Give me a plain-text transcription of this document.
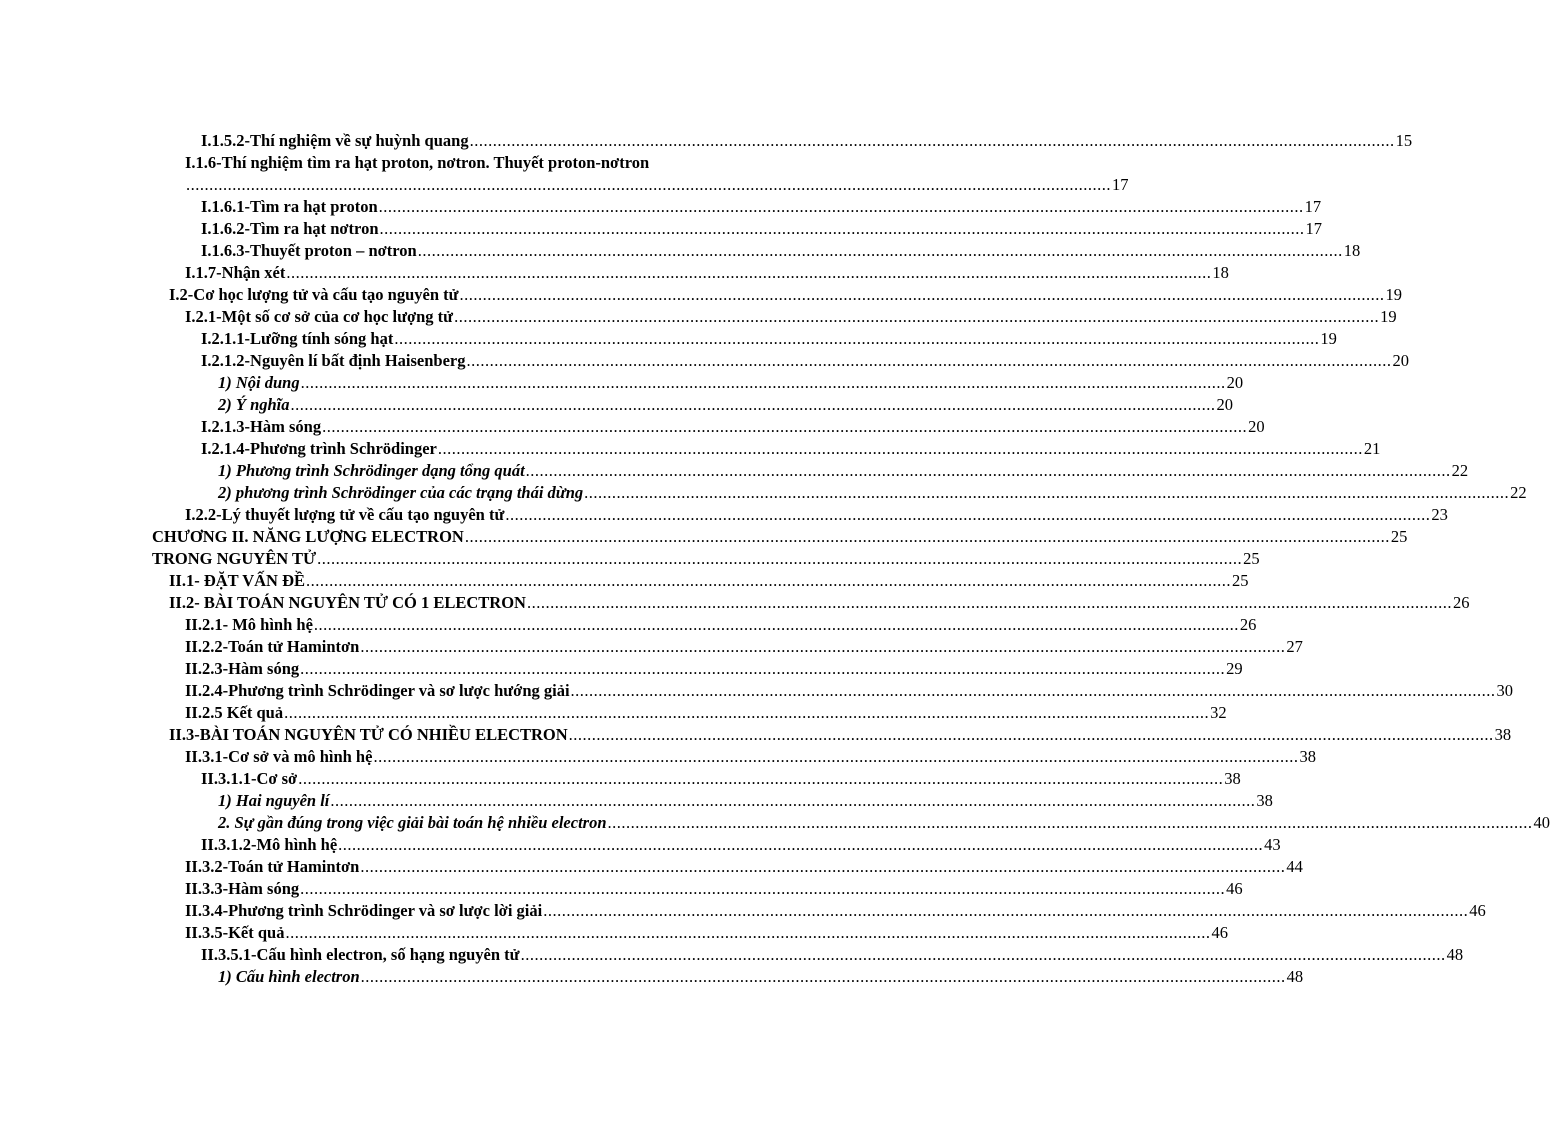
I.1.5.2-Thí nghiệm về sự huỳnh quang ........................................................................................................................................................................................................ 15
I.1.6-Thí nghiệm tìm ra hạt proton, nơtron. Thuyết proton-nơtron
........................................................................................................................................................................................................ 17
I.1.6.1-Tìm ra hạt proton ........................................................................................................................................................................................................ 17
I.1.6.2-Tìm ra hạt nơtron ........................................................................................................................................................................................................ 17
I.1.6.3-Thuyết proton – nơtron ........................................................................................................................................................................................................ 18
I.1.7-Nhận xét ........................................................................................................................................................................................................ 18
I.2-Cơ học lượng tử và cấu tạo nguyên tử ........................................................................................................................................................................................................ 19
I.2.1-Một số cơ sở của cơ học lượng tử ........................................................................................................................................................................................................ 19
I.2.1.1-Lưỡng tính sóng hạt ........................................................................................................................................................................................................ 19
I.2.1.2-Nguyên lí bất định Haisenberg ........................................................................................................................................................................................................ 20
1) Nội dung ........................................................................................................................................................................................................ 20
2) Ý nghĩa ........................................................................................................................................................................................................ 20
I.2.1.3-Hàm sóng ........................................................................................................................................................................................................ 20
I.2.1.4-Phương trình Schrödinger ........................................................................................................................................................................................................ 21
1) Phương trình Schrödinger dạng tổng quát ........................................................................................................................................................................................................ 22
2) phương trình Schrödinger của các trạng thái dừng ........................................................................................................................................................................................................ 22
I.2.2-Lý thuyết lượng tử về cấu tạo nguyên tử ........................................................................................................................................................................................................ 23
CHƯƠNG II. NĂNG LƯỢNG ELECTRON ........................................................................................................................................................................................................ 25
TRONG NGUYÊN TỬ ........................................................................................................................................................................................................ 25
II.1- ĐẶT VẤN ĐỀ ........................................................................................................................................................................................................ 25
II.2- BÀI TOÁN NGUYÊN TỬ CÓ 1 ELECTRON ........................................................................................................................................................................................................ 26
II.2.1- Mô hình hệ ........................................................................................................................................................................................................ 26
II.2.2-Toán tử Hamintơn ........................................................................................................................................................................................................ 27
II.2.3-Hàm sóng ........................................................................................................................................................................................................ 29
II.2.4-Phương trình Schrödinger và sơ lược hướng giải ........................................................................................................................................................................................................ 30
II.2.5 Kết quả ........................................................................................................................................................................................................ 32
II.3-BÀI TOÁN NGUYÊN TỬ CÓ NHIỀU ELECTRON ........................................................................................................................................................................................................ 38
II.3.1-Cơ sở và mô hình hệ ........................................................................................................................................................................................................ 38
II.3.1.1-Cơ sở ........................................................................................................................................................................................................ 38
1) Hai nguyên lí ........................................................................................................................................................................................................ 38
2. Sự gần đúng trong việc giải bài toán hệ nhiều electron ........................................................................................................................................................................................................ 40
II.3.1.2-Mô hình hệ ........................................................................................................................................................................................................ 43
II.3.2-Toán tử Hamintơn ........................................................................................................................................................................................................ 44
II.3.3-Hàm sóng ........................................................................................................................................................................................................ 46
II.3.4-Phương trình Schrödinger và sơ lược lời giải ........................................................................................................................................................................................................ 46
II.3.5-Kết quả ........................................................................................................................................................................................................ 46
II.3.5.1-Cấu hình electron, số hạng nguyên tử ........................................................................................................................................................................................................ 48
1) Cấu hình electron ........................................................................................................................................................................................................ 48
